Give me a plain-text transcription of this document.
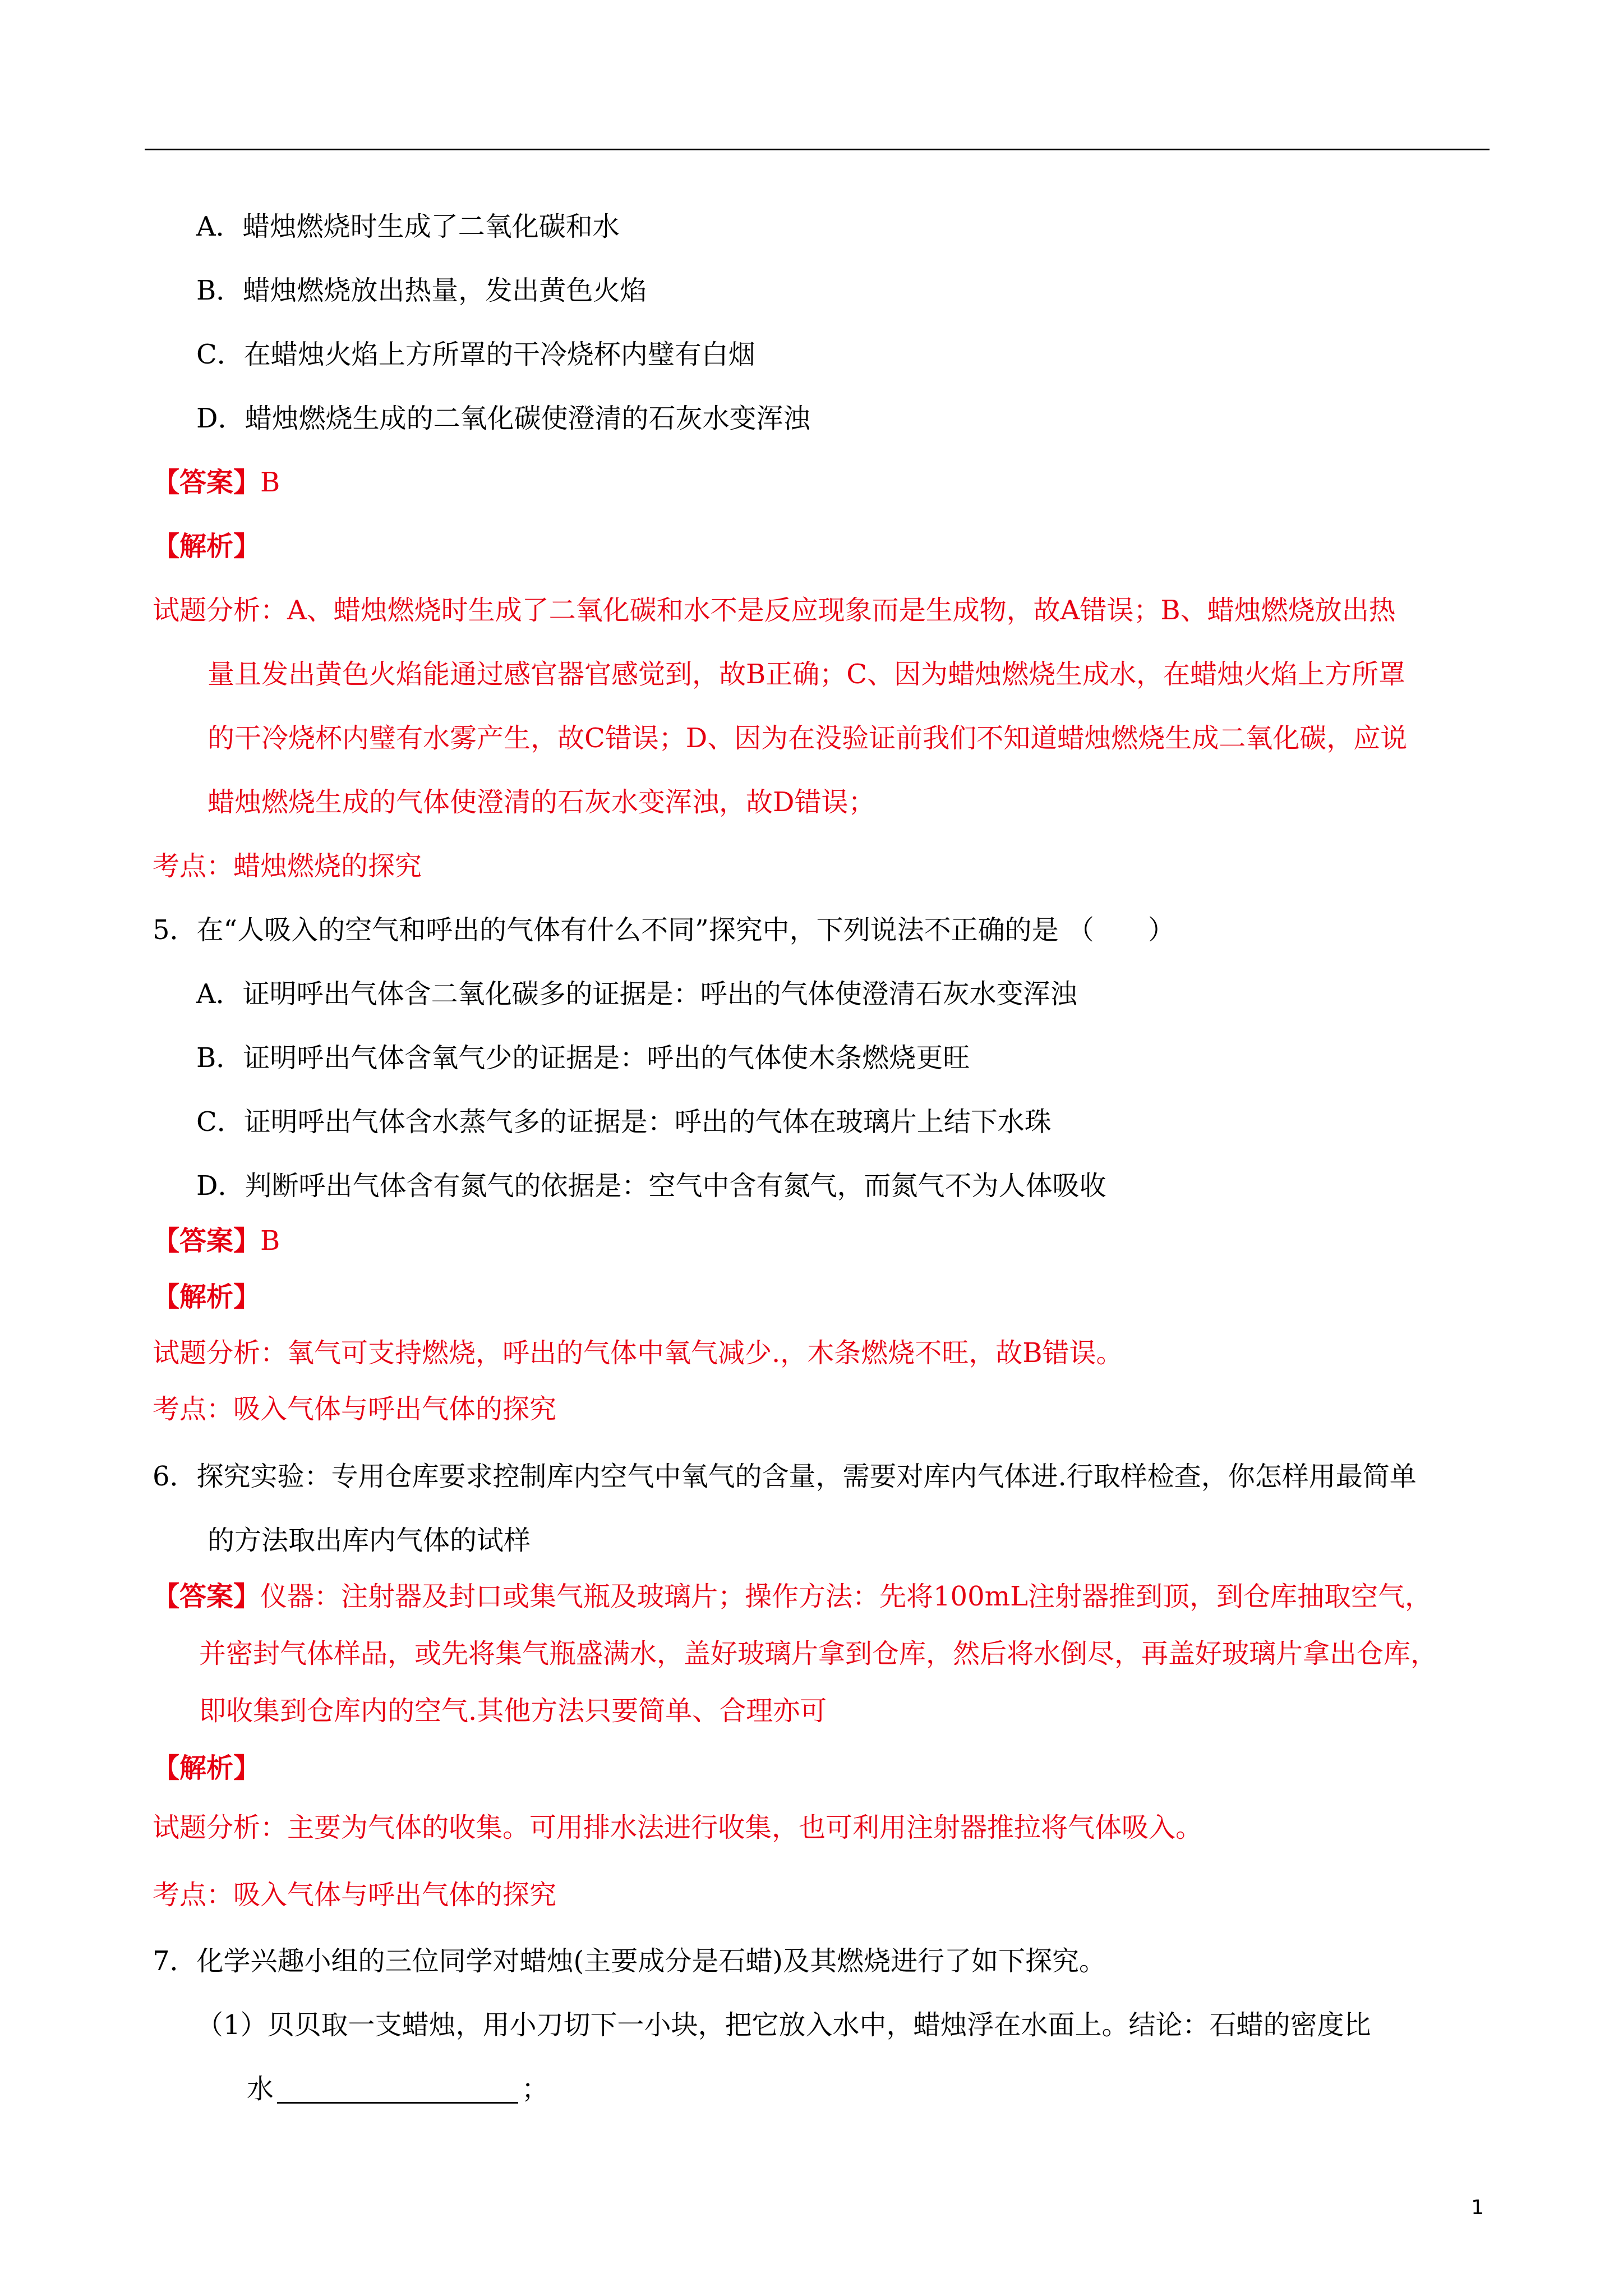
A．蜡烛燃烧时生成了二氧化碳和水
B．蜡烛燃烧放出热量，发出黄色火焰
C．在蜡烛火焰上方所罩的干冷烧杯内璧有白烟
D．蜡烛燃烧生成的二氧化碳使澄清的石灰水变浑浊
【答案】B
【解析】
试题分析：A、蜡烛燃烧时生成了二氧化碳和水不是反应现象而是生成物，故A错误；B、蜡烛燃烧放出热
量且发出黄色火焰能通过感官器官感觉到，故B正确；C、因为蜡烛燃烧生成水，在蜡烛火焰上方所罩
的干冷烧杯内璧有水雾产生，故C错误；D、因为在没验证前我们不知道蜡烛燃烧生成二氧化碳，应说
蜡烛燃烧生成的气体使澄清的石灰水变浑浊，故D错误；
考点：蜡烛燃烧的探究
5．在“人吸入的空气和呼出的气体有什么不同”探究中，下列说法不正确的是 （　　）
A．证明呼出气体含二氧化碳多的证据是：呼出的气体使澄清石灰水变浑浊
B．证明呼出气体含氧气少的证据是：呼出的气体使木条燃烧更旺
C．证明呼出气体含水蒸气多的证据是：呼出的气体在玻璃片上结下水珠
D．判断呼出气体含有氮气的依据是：空气中含有氮气，而氮气不为人体吸收
【答案】B
【解析】
试题分析：氧气可支持燃烧，呼出的气体中氧气减少.，木条燃烧不旺，故B错误。
考点：吸入气体与呼出气体的探究
6．探究实验：专用仓库要求控制库内空气中氧气的含量，需要对库内气体进.行取样检查，你怎样用最简单
的方法取出库内气体的试样
【答案】仪器：注射器及封口或集气瓶及玻璃片；操作方法：先将100mL注射器推到顶，到仓库抽取空气，
并密封气体样品，或先将集气瓶盛满水，盖好玻璃片拿到仓库，然后将水倒尽，再盖好玻璃片拿出仓库，
即收集到仓库内的空气.其他方法只要简单、合理亦可
【解析】
试题分析：主要为气体的收集。可用排水法进行收集，也可利用注射器推拉将气体吸入。
考点：吸入气体与呼出气体的探究
7．化学兴趣小组的三位同学对蜡烛(主要成分是石蜡)及其燃烧进行了如下探究。
（1）贝贝取一支蜡烛，用小刀切下一小块，把它放入水中，蜡烛浮在水面上。结论：石蜡的密度比
水	；
1
